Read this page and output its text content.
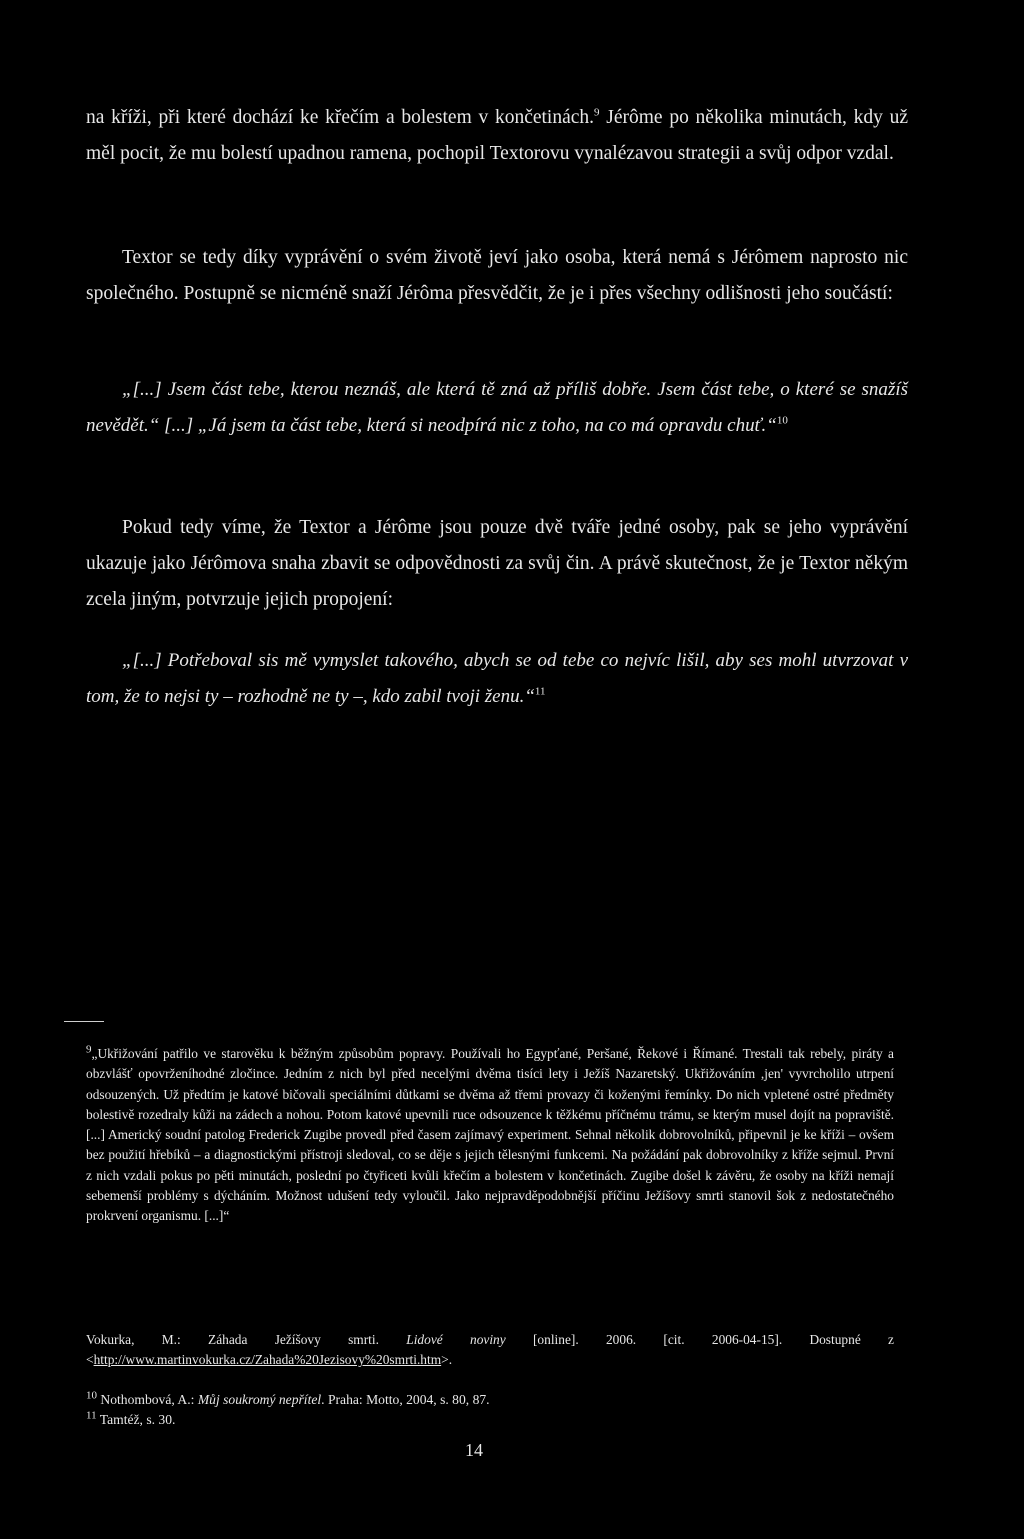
na kříži, při které dochází ke křečím a bolestem v končetinách.$^9$ Jérôme po několika minutách, kdy už měl pocit, že mu bolestí upadnou ramena, pochopil Textorovu vynalézavou strategii a svůj odpor vzdal.

Textor se tedy díky vyprávění o svém životě jeví jako osoba, která nemá s Jérômem naprosto nic společného. Postupně se nicméně snaží Jérôma přesvědčit, že je i přes všechny odlišnosti jeho součástí:

„[...] Jsem část tebe, kterou neznáš, ale která tě zná až příliš dobře. Jsem část tebe, o které se snažíš nevědět.“ [...] „Já jsem ta část tebe, která si neodpírá nic z toho, na co má opravdu chuť.“$^{10}$

Pokud tedy víme, že Textor a Jérôme jsou pouze dvě tváře jedné osoby, pak se jeho vyprávění ukazuje jako Jérômova snaha zbavit se odpovědnosti za svůj čin. A právě skutečnost, že je Textor někým zcela jiným, potvrzuje jejich propojení:

„[...] Potřeboval sis mě vymyslet takového, abych se od tebe co nejvíc lišil, aby ses mohl utvrzovat v tom, že to nejsi ty – rozhodně ne ty –, kdo zabil tvoji ženu.“$^{11}$

$^9$„Ukřižování patřilo ve starověku k běžným způsobům popravy. Používali ho Egypťané, Peršané, Řekové i Římané. Trestali tak rebely, piráty a obzvlášť opovrženíhodné zločince. Jedním z nich byl před necelými dvěma tisíci lety i Ježíš Nazaretský. Ukřižováním ,jen' vyvrcholilo utrpení odsouzených. Už předtím je katové bičovali speciálními důtkami se dvěma až třemi provazy či koženými řemínky. Do nich vpletené ostré předměty bolestivě rozedraly kůži na zádech a nohou. Potom katové upevnili ruce odsouzence k těžkému příčnému trámu, se kterým musel dojít na popraviště. [...] Americký soudní patolog Frederick Zugibe provedl před časem zajímavý experiment. Sehnal několik dobrovolníků, připevnil je ke kříži – ovšem bez použití hřebíků – a diagnostickými přístroji sledoval, co se děje s jejich tělesnými funkcemi. Na požádání pak dobrovolníky z kříže sejmul. První z nich vzdali pokus po pěti minutách, poslední po čtyřiceti kvůli křečím a bolestem v končetinách. Zugibe došel k závěru, že osoby na kříži nemají sebemenší problémy s dýcháním. Možnost udušení tedy vyloučil. Jako nejpravděpodobnější příčinu Ježíšovy smrti stanovil šok z nedostatečného prokrvení organismu. [...]“

Vokurka, M.: Záhada Ježíšovy smrti. Lidové noviny [online]. 2006. [cit. 2006-04-15]. Dostupné z <http://www.martinvokurka.cz/Zahada%20Jezisovy%20smrti.htm>.

$^{10}$ Nothombová, A.: Můj soukromý nepřítel. Praha: Motto, 2004, s. 80, 87.

$^{11}$ Tamtéž, s. 30.

14
